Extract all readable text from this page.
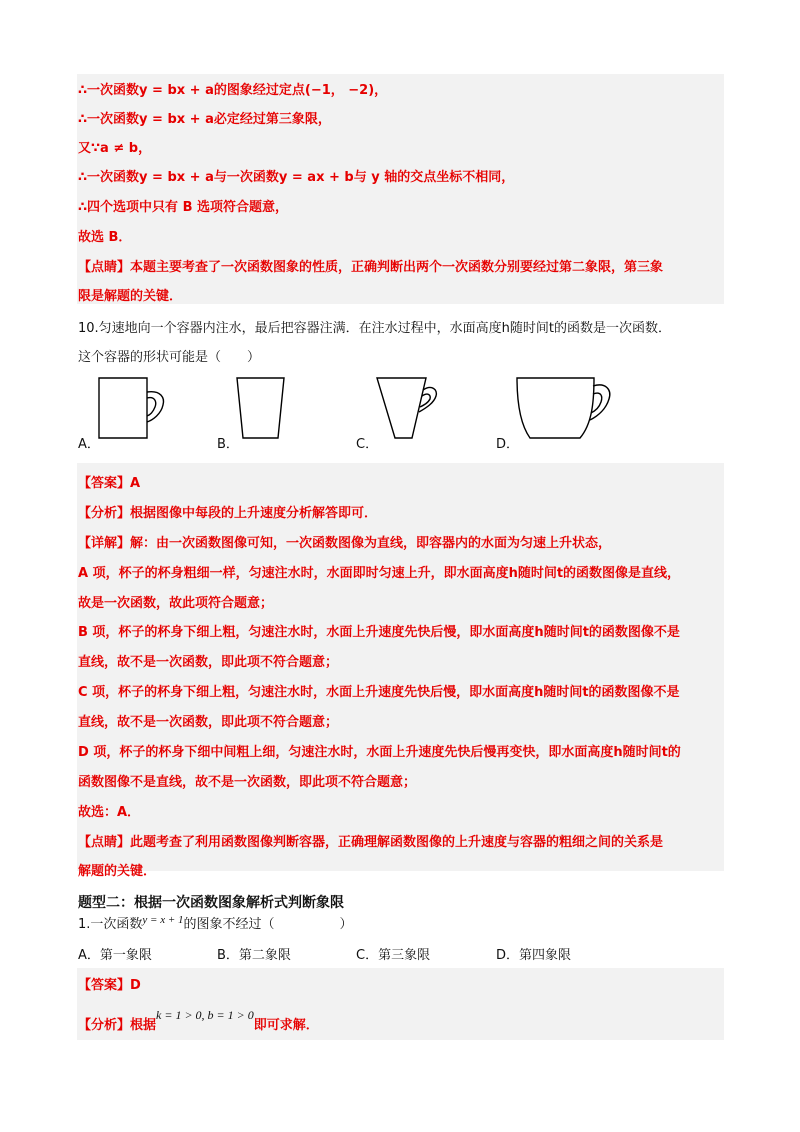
∴一次函数y = bx + a的图象经过定点(−1， −2)，
∴一次函数y = bx + a必定经过第三象限，
又∵a ≠ b，
∴一次函数y = bx + a与一次函数y = ax + b与 y 轴的交点坐标不相同，
∴四个选项中只有 B 选项符合题意，
故选 B．
【点睛】本题主要考查了一次函数图象的性质，正确判断出两个一次函数分别要经过第二象限，第三象
限是解题的关键．
10.匀速地向一个容器内注水，最后把容器注满．在注水过程中，水面高度h随时间t的函数是一次函数．
这个容器的形状可能是（　　）
A．	B．	C．	D．
【答案】A
【分析】根据图像中每段的上升速度分析解答即可．
【详解】解：由一次函数图像可知，一次函数图像为直线，即容器内的水面为匀速上升状态，
A 项，杯子的杯身粗细一样，匀速注水时，水面即时匀速上升，即水面高度h随时间t的函数图像是直线，
故是一次函数，故此项符合题意；
B 项，杯子的杯身下细上粗，匀速注水时，水面上升速度先快后慢，即水面高度h随时间t的函数图像不是
直线，故不是一次函数，即此项不符合题意；
C 项，杯子的杯身下细上粗，匀速注水时，水面上升速度先快后慢，即水面高度h随时间t的函数图像不是
直线，故不是一次函数，即此项不符合题意；
D 项，杯子的杯身下细中间粗上细，匀速注水时，水面上升速度先快后慢再变快，即水面高度h随时间t的
函数图像不是直线，故不是一次函数，即此项不符合题意；
故选：A．
【点睛】此题考查了利用函数图像判断容器，正确理解函数图像的上升速度与容器的粗细之间的关系是
解题的关键．
题型二：根据一次函数图象解析式判断象限
1.一次函数$^{y = x + 1}$的图象不经过（　　　　　）
A．第一象限	B．第二象限	C．第三象限	D．第四象限
【答案】D
【分析】根据k = 1 > 0, b = 1 > 0即可求解．
